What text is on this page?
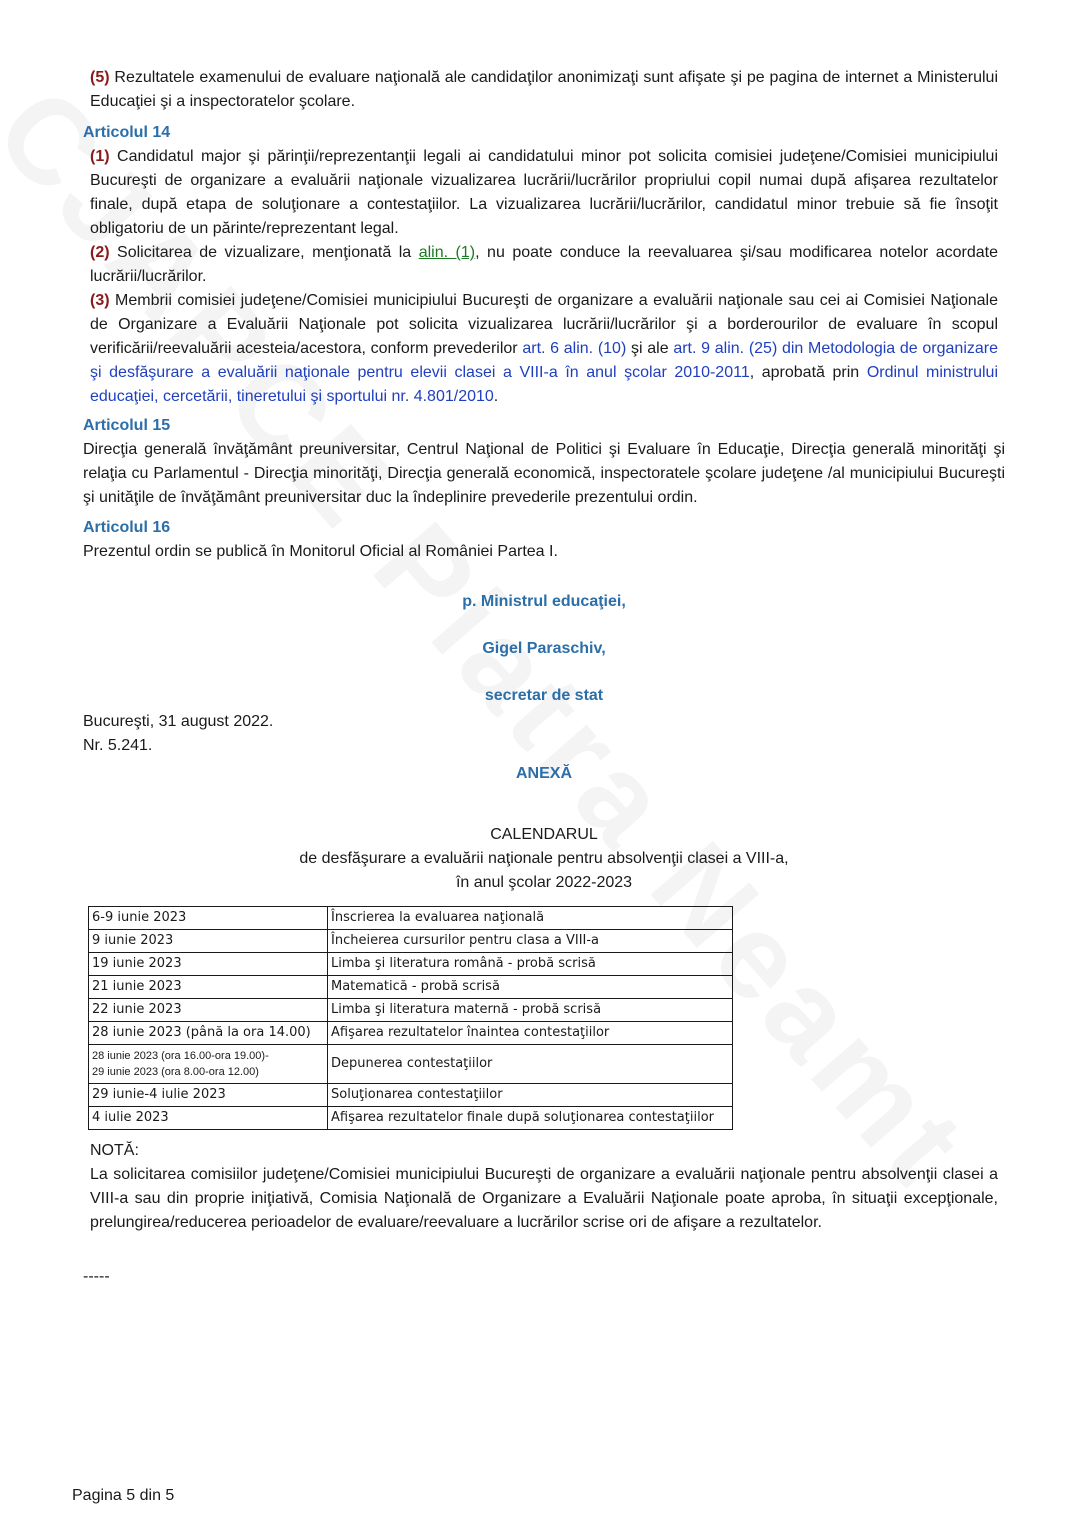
(5) Rezultatele examenului de evaluare naţională ale candidaţilor anonimizaţi sunt afişate şi pe pagina de internet a Ministerului Educaţiei şi a inspectoratelor şcolare.
Articolul 14
(1) Candidatul major şi părinţii/reprezentanţii legali ai candidatului minor pot solicita comisiei judeţene/Comisiei municipiului Bucureşti de organizare a evaluării naţionale vizualizarea lucrării/lucrărilor propriului copil numai după afişarea rezultatelor finale, după etapa de soluţionare a contestaţiilor. La vizualizarea lucrării/lucrărilor, candidatul minor trebuie să fie însoţit obligatoriu de un părinte/reprezentant legal.
(2) Solicitarea de vizualizare, menţionată la alin. (1), nu poate conduce la reevaluarea şi/sau modificarea notelor acordate lucrării/lucrărilor.
(3) Membrii comisiei judeţene/Comisiei municipiului Bucureşti de organizare a evaluării naţionale sau cei ai Comisiei Naţionale de Organizare a Evaluării Naţionale pot solicita vizualizarea lucrării/lucrărilor şi a borderourilor de evaluare în scopul verificării/reevaluării acesteia/acestora, conform prevederilor art. 6 alin. (10) şi ale art. 9 alin. (25) din Metodologia de organizare şi desfăşurare a evaluării naţionale pentru elevii clasei a VIII-a în anul şcolar 2010-2011, aprobată prin Ordinul ministrului educaţiei, cercetării, tineretului şi sportului nr. 4.801/2010.
Articolul 15
Direcţia generală învăţământ preuniversitar, Centrul Naţional de Politici şi Evaluare în Educaţie, Direcţia generală minorităţi şi relaţia cu Parlamentul - Direcţia minorităţi, Direcţia generală economică, inspectoratele şcolare judeţene /al municipiului Bucureşti şi unităţile de învăţământ preuniversitar duc la îndeplinire prevederile prezentului ordin.
Articolul 16
Prezentul ordin se publică în Monitorul Oficial al României Partea I.
p. Ministrul educaţiei,
Gigel Paraschiv,
secretar de stat
Bucureşti, 31 august 2022.
Nr. 5.241.
ANEXĂ
CALENDARUL
de desfăşurare a evaluării naţionale pentru absolvenţii clasei a VIII-a,
în anul şcolar 2022-2023
6-9 iunie 2023	Înscrierea la evaluarea naţională
9 iunie 2023	Încheierea cursurilor pentru clasa a VIII-a
19 iunie 2023	Limba şi literatura română - probă scrisă
21 iunie 2023	Matematică - probă scrisă
22 iunie 2023	Limba şi literatura maternă - probă scrisă
28 iunie 2023 (până la ora 14.00)	Afişarea rezultatelor înaintea contestaţiilor

28 iunie 2023 (ora 16.00-ora 19.00)-
29 iunie 2023 (ora 8.00-ora 12.00)	Depunerea contestaţiilor
29 iunie-4 iulie 2023	Soluţionarea contestaţiilor
4 iulie 2023	Afişarea rezultatelor finale după soluţionarea contestaţiilor
NOTĂ:
La solicitarea comisiilor judeţene/Comisiei municipiului Bucureşti de organizare a evaluării naţionale pentru absolvenţii clasei a VIII-a sau din proprie iniţiativă, Comisia Naţională de Organizare a Evaluării Naţionale poate aproba, în situaţii excepţionale, prelungirea/reducerea perioadelor de evaluare/reevaluare a lucrărilor scrise ori de afişare a rezultatelor.
-----
Pagina 5 din 5
